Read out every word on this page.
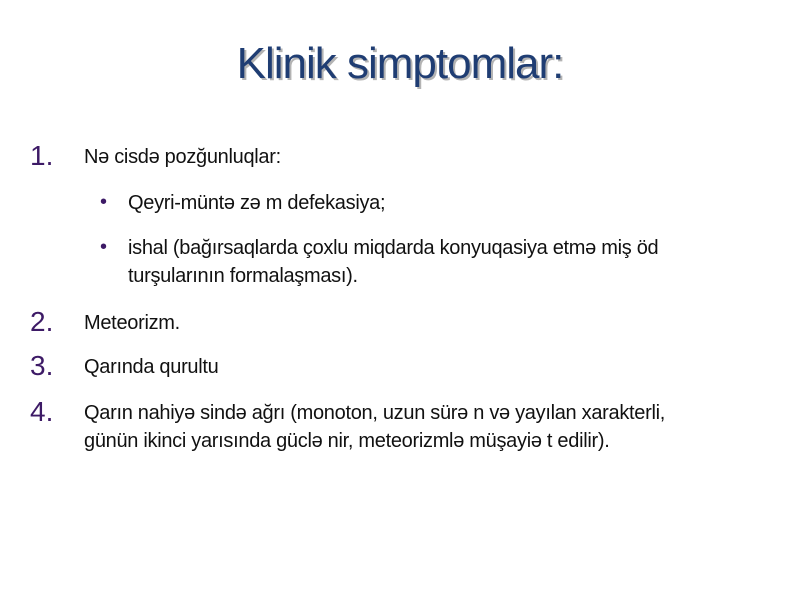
Klinik simptomlar:
1. Nə cisdə pozğunluqlar:
• Qeyri-müntə zə m defekasiya;
• ishal (bağırsaqlarda çoxlu miqdarda konyuqasiya etmə miş öd
turşularının formalaşması).
2. Meteorizm.
3. Qarında qurultu
4. Qarın nahiyə sində ağrı (monoton, uzun sürə n və yayılan xarakterli,
günün ikinci yarısında güclə nir, meteorizmlə müşayiə t edilir).
